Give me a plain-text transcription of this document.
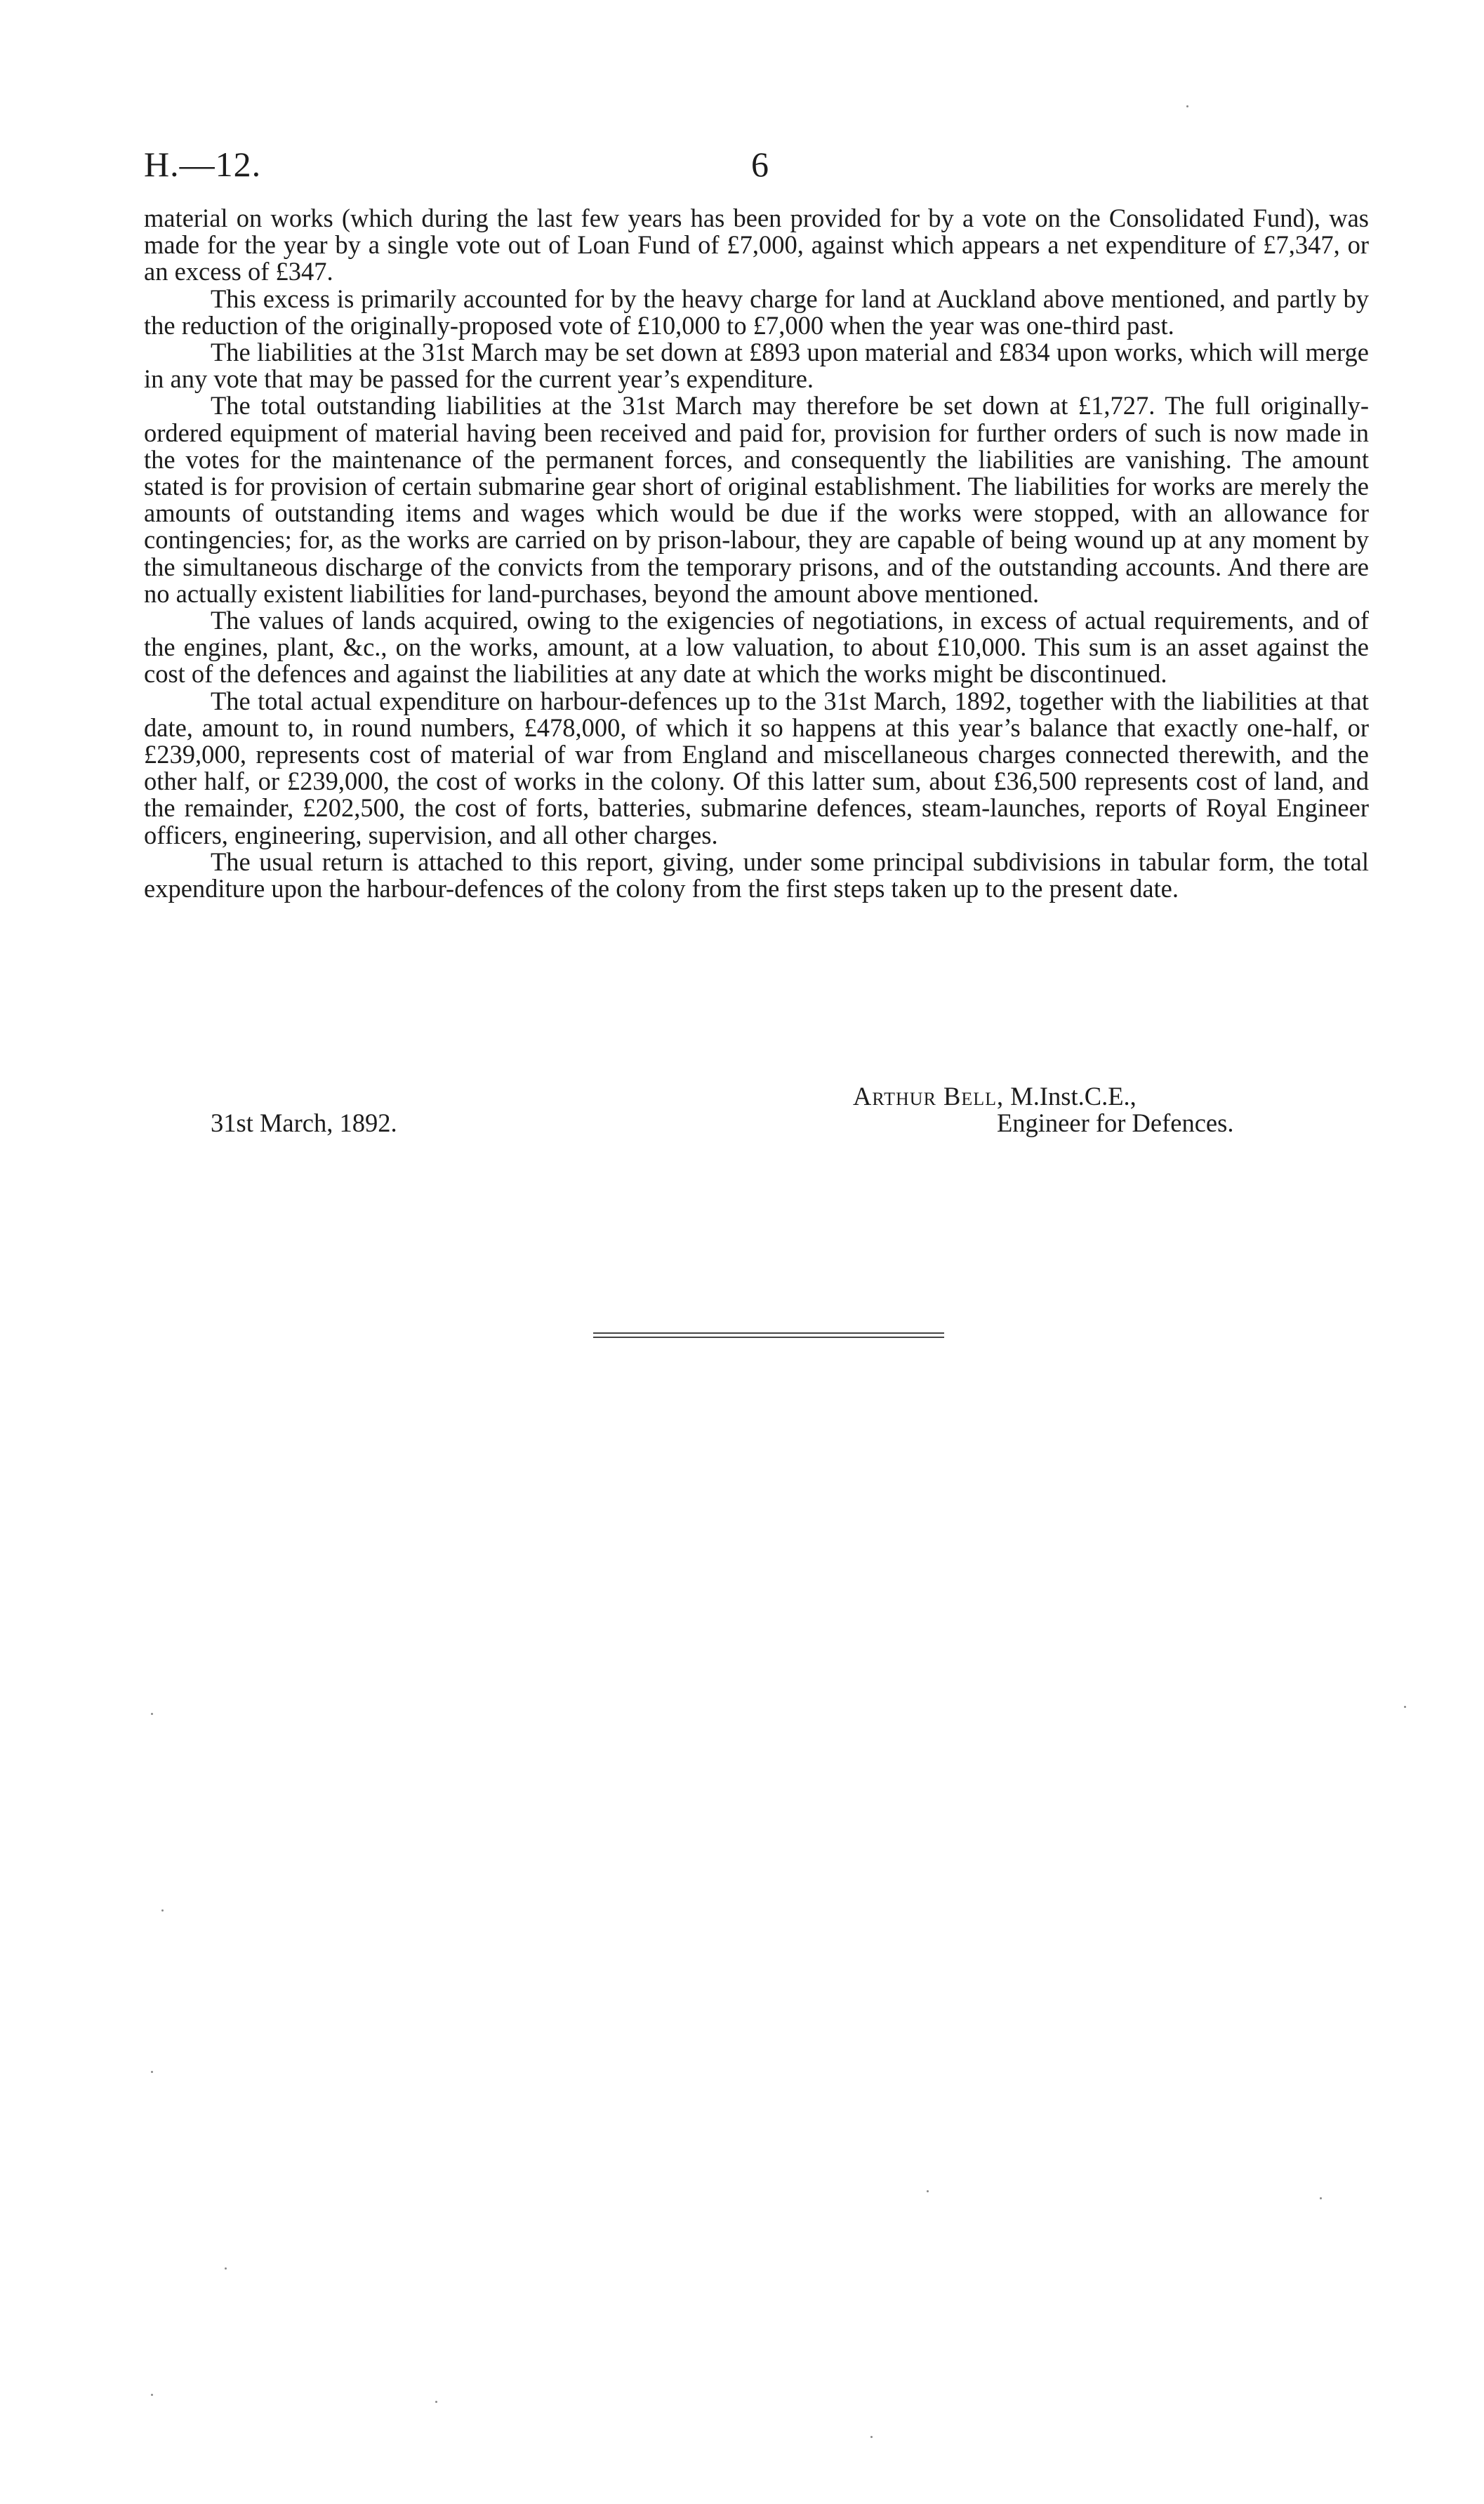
H.—12.	6

material on works (which during the last few years has been provided for by a vote on the Consolidated Fund), was made for the year by a single vote out of Loan Fund of £7,000, against which appears a net expenditure of £7,347, or an excess of £347.

This excess is primarily accounted for by the heavy charge for land at Auckland above mentioned, and partly by the reduction of the originally-proposed vote of £10,000 to £7,000 when the year was one-third past.

The liabilities at the 31st March may be set down at £893 upon material and £834 upon works, which will merge in any vote that may be passed for the current year’s expenditure.

The total outstanding liabilities at the 31st March may therefore be set down at £1,727. The full originally-ordered equipment of material having been received and paid for, provision for further orders of such is now made in the votes for the maintenance of the permanent forces, and consequently the liabilities are vanishing. The amount stated is for provision of certain submarine gear short of original establishment. The liabilities for works are merely the amounts of outstanding items and wages which would be due if the works were stopped, with an allowance for contingencies; for, as the works are carried on by prison-labour, they are capable of being wound up at any moment by the simultaneous discharge of the convicts from the temporary prisons, and of the outstanding accounts. And there are no actually existent liabilities for land-purchases, beyond the amount above mentioned.

The values of lands acquired, owing to the exigencies of negotiations, in excess of actual requirements, and of the engines, plant, &c., on the works, amount, at a low valuation, to about £10,000. This sum is an asset against the cost of the defences and against the liabilities at any date at which the works might be discontinued.

The total actual expenditure on harbour-defences up to the 31st March, 1892, together with the liabilities at that date, amount to, in round numbers, £478,000, of which it so happens at this year’s balance that exactly one-half, or £239,000, represents cost of material of war from England and miscellaneous charges connected therewith, and the other half, or £239,000, the cost of works in the colony. Of this latter sum, about £36,500 represents cost of land, and the remainder, £202,500, the cost of forts, batteries, submarine defences, steam-launches, reports of Royal Engineer officers, engineering, supervision, and all other charges.

The usual return is attached to this report, giving, under some principal subdivisions in tabular form, the total expenditure upon the harbour-defences of the colony from the first steps taken up to the present date.

Arthur Bell, M.Inst.C.E.,
31st March, 1892.	Engineer for Defences.
